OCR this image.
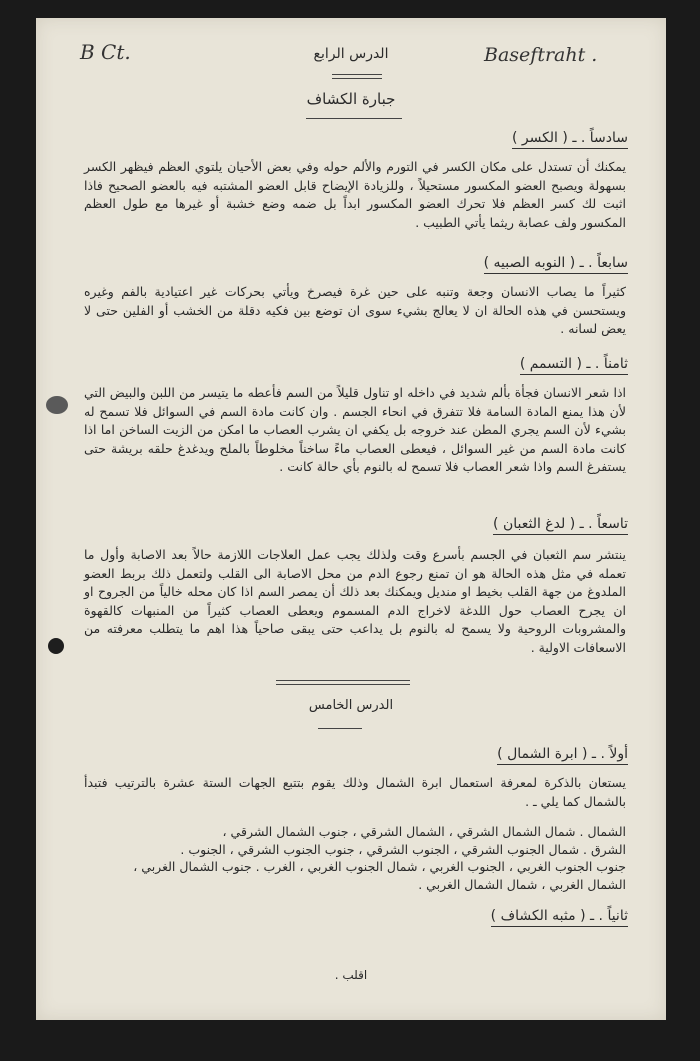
B Ct.	Baseftraht .
الدرس الرابع
جبارة الكشاف
سادساً . ـ ( الكسر )
يمكنك أن تستدل على مكان الكسر في التورم والألم حوله وفي بعض الأحيان يلتوي العظم فيظهر الكسر بسهولة ويصبح العضو المكسور مستحيلاً ، وللزيادة الإيضاح قابل العضو المشتبه فيه بالعضو الصحيح فاذا اثبت لك كسر العظم فلا تحرك العضو المكسور ابداً بل ضمه وضع خشبة أو غيرها مع طول العظم المكسور ولف عصابة ريثما يأتي الطبيب .
سابعاً . ـ ( النوبه الصبيه )
كثيراً ما يصاب الانسان وجعة وتنبه على حين غرة فيصرخ ويأتي بحركات غير اعتيادية بالفم وغيره ويستحسن في هذه الحالة ان لا يعالج بشيء سوى ان توضع بين فكيه دقلة من الخشب أو الفلين حتى لا يعض لسانه .
ثامناً . ـ ( التسمم )
اذا شعر الانسان فجأة بألم شديد في داخله او تناول قليلاً من السم فأعطه ما يتيسر من اللبن والبيض التي لأن هذا يمنع المادة السامة فلا تتفرق في انحاء الجسم . وان كانت مادة السم في السوائل فلا تسمح له بشيء لأن السم يجري المطن عند خروجه بل يكفي ان يشرب العصاب ما امكن من الزيت الساخن اما اذا كانت مادة السم من غير السوائل ، فيعطى العصاب ماءً ساخناً مخلوطاً بالملح ويدغدغ حلقه بريشة حتى يستفرغ السم واذا شعر العصاب فلا تسمح له بالنوم بأي حالة كانت .
تاسعاً . ـ ( لدغ الثعبان )
ينتشر سم الثعبان في الجسم بأسرع وقت ولذلك يجب عمل العلاجات اللازمة حالاً بعد الاصابة وأول ما تعمله في مثل هذه الحالة هو ان تمنع رجوع الدم من محل الاصابة الى القلب ولتعمل ذلك بربط العضو الملدوغ من جهة القلب بخيط او منديل ويمكنك بعد ذلك أن يمصر السم اذا كان محله خالياً من الجروح او ان يجرح العصاب حول اللدغة لاخراج الدم المسموم ويعطى العصاب كثيراً من المنبهات كالقهوة والمشروبات الروحية ولا يسمح له بالنوم بل يداعب حتى يبقى صاحياً هذا اهم ما يتطلب معرفته من الاسعافات الاولية .
الدرس الخامس
أولاً . ـ ( ابرة الشمال )
يستعان بالذكرة لمعرفة استعمال ابرة الشمال وذلك يقوم بتتبع الجهات الستة عشرة بالترتيب فتبدأ بالشمال كما يلي ـ .
الشمال . شمال الشمال الشرقي ، الشمال الشرقي ، جنوب الشمال الشرقي ،
الشرق . شمال الجنوب الشرقي ، الجنوب الشرقي ، جنوب الجنوب الشرقي ، الجنوب .
جنوب الجنوب الغربي ، الجنوب الغربي ، شمال الجنوب الغربي ، الغرب . جنوب الشمال الغربي ،
الشمال الغربي ، شمال الشمال الغربي .
ثانياً . ـ ( مثبه الكشاف )
اقلب .
